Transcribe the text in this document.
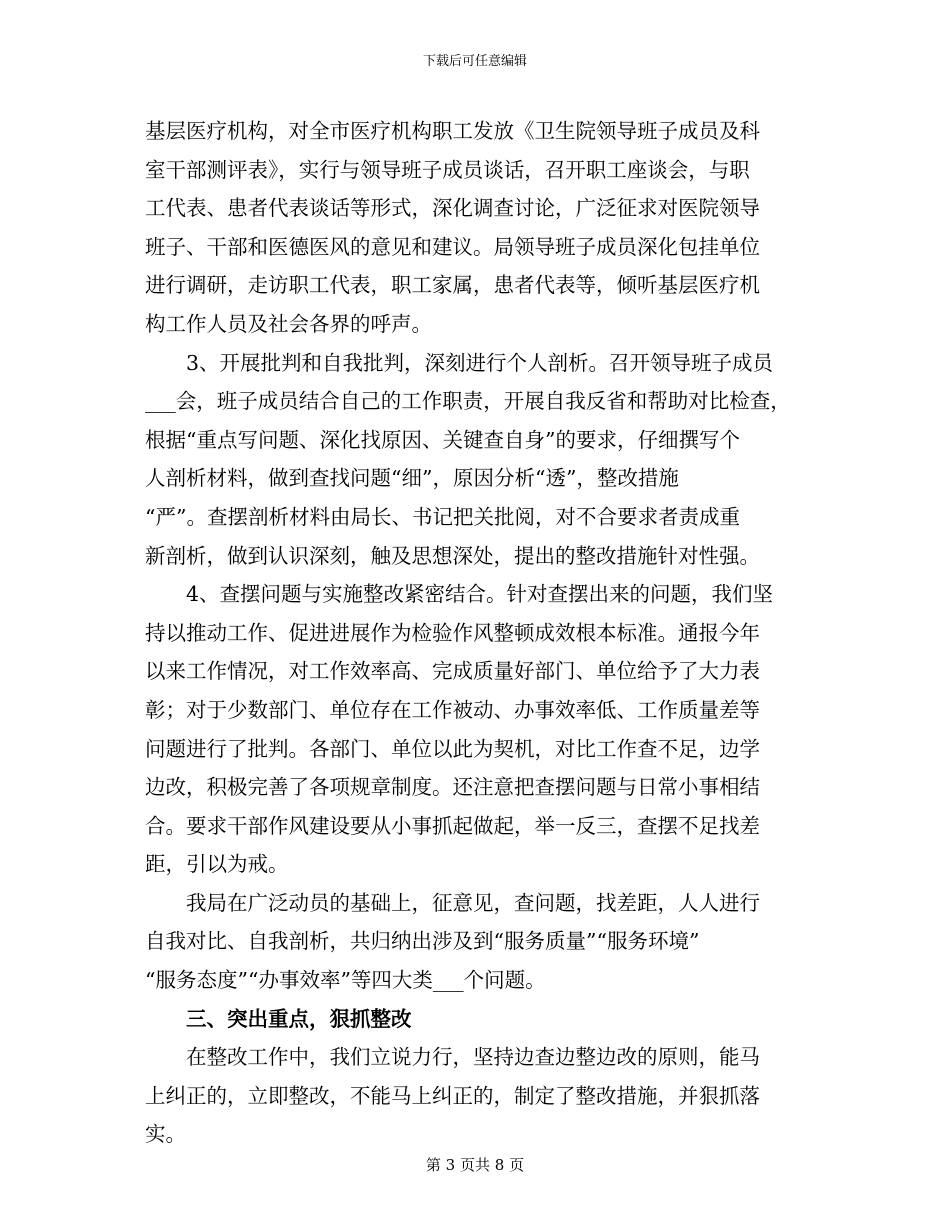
下载后可任意编辑
基层医疗机构，对全市医疗机构职工发放《卫生院领导班子成员及科
室干部测评表》，实行与领导班子成员谈话，召开职工座谈会，与职
工代表、患者代表谈话等形式，深化调查讨论，广泛征求对医院领导
班子、干部和医德医风的意见和建议。局领导班子成员深化包挂单位
进行调研，走访职工代表，职工家属，患者代表等，倾听基层医疗机
构工作人员及社会各界的呼声。
　　3、开展批判和自我批判，深刻进行个人剖析。召开领导班子成员
___会，班子成员结合自己的工作职责，开展自我反省和帮助对比检查，
根据“重点写问题、深化找原因、关键查自身”的要求，仔细撰写个
人剖析材料，做到查找问题“细”，原因分析“透”，整改措施
“严”。查摆剖析材料由局长、书记把关批阅，对不合要求者责成重
新剖析，做到认识深刻，触及思想深处，提出的整改措施针对性强。
　　4、查摆问题与实施整改紧密结合。针对查摆出来的问题，我们坚
持以推动工作、促进进展作为检验作风整顿成效根本标准。通报今年
以来工作情况，对工作效率高、完成质量好部门、单位给予了大力表
彰；对于少数部门、单位存在工作被动、办事效率低、工作质量差等
问题进行了批判。各部门、单位以此为契机，对比工作查不足，边学
边改，积极完善了各项规章制度。还注意把查摆问题与日常小事相结
合。要求干部作风建设要从小事抓起做起，举一反三，查摆不足找差
距，引以为戒。
　　我局在广泛动员的基础上，征意见，查问题，找差距，人人进行
自我对比、自我剖析，共归纳出涉及到“服务质量”“服务环境”
“服务态度”“办事效率”等四大类___个问题。
　　三、突出重点，狠抓整改
　　在整改工作中，我们立说力行，坚持边查边整边改的原则，能马
上纠正的，立即整改，不能马上纠正的，制定了整改措施，并狠抓落
实。
第 3 页共 8 页
